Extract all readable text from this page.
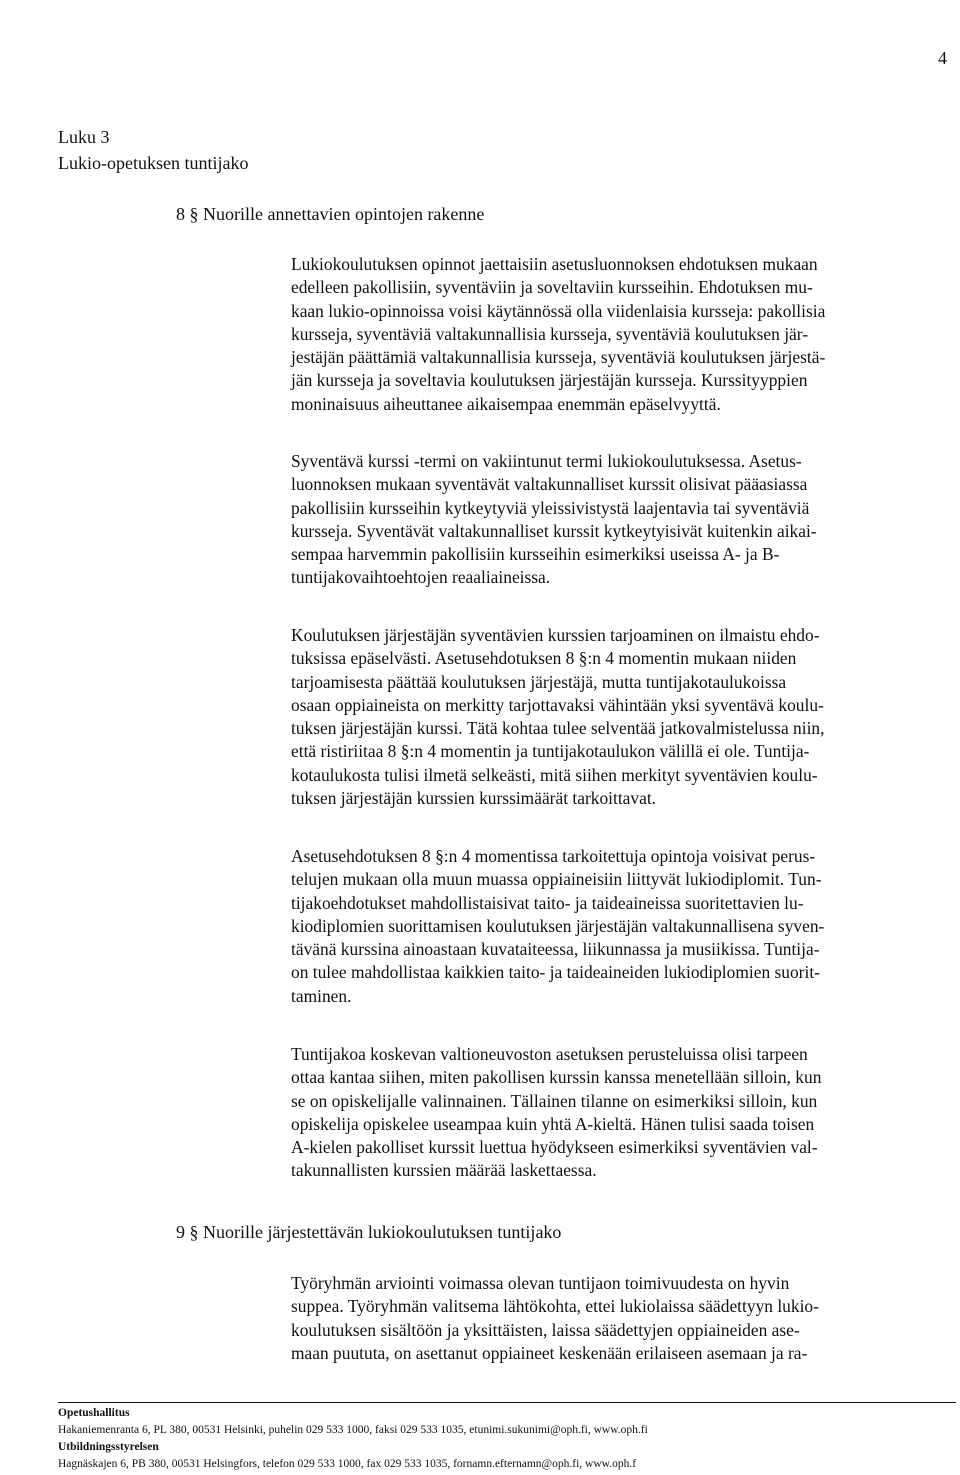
4
Luku 3
Lukio-opetuksen tuntijako
8 § Nuorille annettavien opintojen rakenne
Lukiokoulutuksen opinnot jaettaisiin asetusluonnoksen ehdotuksen mukaan
edelleen pakollisiin, syventäviin ja soveltaviin kursseihin. Ehdotuksen mu-
kaan lukio-opinnoissa voisi käytännössä olla viidenlaisia kursseja: pakollisia
kursseja, syventäviä valtakunnallisia kursseja, syventäviä koulutuksen jär-
jestäjän päättämiä valtakunnallisia kursseja, syventäviä koulutuksen järjestä-
jän kursseja ja soveltavia koulutuksen järjestäjän kursseja. Kurssityyppien
moninaisuus aiheuttanee aikaisempaa enemmän epäselvyyttä.
Syventävä kurssi -termi on vakiintunut termi lukiokoulutuksessa. Asetus-
luonnoksen mukaan syventävät valtakunnalliset kurssit olisivat pääasiassa
pakollisiin kursseihin kytkeytyviä yleissivistystä laajentavia tai syventäviä
kursseja. Syventävät valtakunnalliset kurssit kytkeytyisivät kuitenkin aikai-
sempaa harvemmin pakollisiin kursseihin esimerkiksi useissa A- ja B-
tuntijakovaihtoehtojen reaaliaineissa.
Koulutuksen järjestäjän syventävien kurssien tarjoaminen on ilmaistu ehdo-
tuksissa epäselvästi. Asetusehdotuksen 8 §:n 4 momentin mukaan niiden
tarjoamisesta päättää koulutuksen järjestäjä, mutta tuntijakotaulukoissa
osaan oppiaineista on merkitty tarjottavaksi vähintään yksi syventävä koulu-
tuksen järjestäjän kurssi. Tätä kohtaa tulee selventää jatkovalmistelussa niin,
että ristiriitaa 8 §:n 4 momentin ja tuntijakotaulukon välillä ei ole. Tuntija-
kotaulukosta tulisi ilmetä selkeästi, mitä siihen merkityt syventävien koulu-
tuksen järjestäjän kurssien kurssimäärät tarkoittavat.
Asetusehdotuksen 8 §:n 4 momentissa tarkoitettuja opintoja voisivat perus-
telujen mukaan olla muun muassa oppiaineisiin liittyvät lukiodiplomit. Tun-
tijakoehdotukset mahdollistaisivat taito- ja taideaineissa suoritettavien lu-
kiodiplomien suorittamisen koulutuksen järjestäjän valtakunnallisena syven-
tävänä kurssina ainoastaan kuvataiteessa, liikunnassa ja musiikissa. Tuntija-
on tulee mahdollistaa kaikkien taito- ja taideaineiden lukiodiplomien suorit-
taminen.
Tuntijakoa koskevan valtioneuvoston asetuksen perusteluissa olisi tarpeen
ottaa kantaa siihen, miten pakollisen kurssin kanssa menetellään silloin, kun
se on opiskelijalle valinnainen. Tällainen tilanne on esimerkiksi silloin, kun
opiskelija opiskelee useampaa kuin yhtä A-kieltä. Hänen tulisi saada toisen
A-kielen pakolliset kurssit luettua hyödykseen esimerkiksi syventävien val-
takunnallisten kurssien määrää laskettaessa.
9 § Nuorille järjestettävän lukiokoulutuksen tuntijako
Työryhmän arviointi voimassa olevan tuntijaon toimivuudesta on hyvin
suppea. Työryhmän valitsema lähtökohta, ettei lukiolaissa säädettyyn lukio-
koulutuksen sisältöön ja yksittäisten, laissa säädettyjen oppiaineiden ase-
maan puututa, on asettanut oppiaineet keskenään erilaiseen asemaan ja ra-
Opetushallitus
Hakaniemenranta 6, PL 380, 00531 Helsinki, puhelin 029 533 1000, faksi 029 533 1035, etunimi.sukunimi@oph.fi, www.oph.fi
Utbildningsstyrelsen
Hagnäskajen 6, PB 380, 00531 Helsingfors, telefon 029 533 1000, fax 029 533 1035, fornamn.efternamn@oph.fi, www.oph.f
